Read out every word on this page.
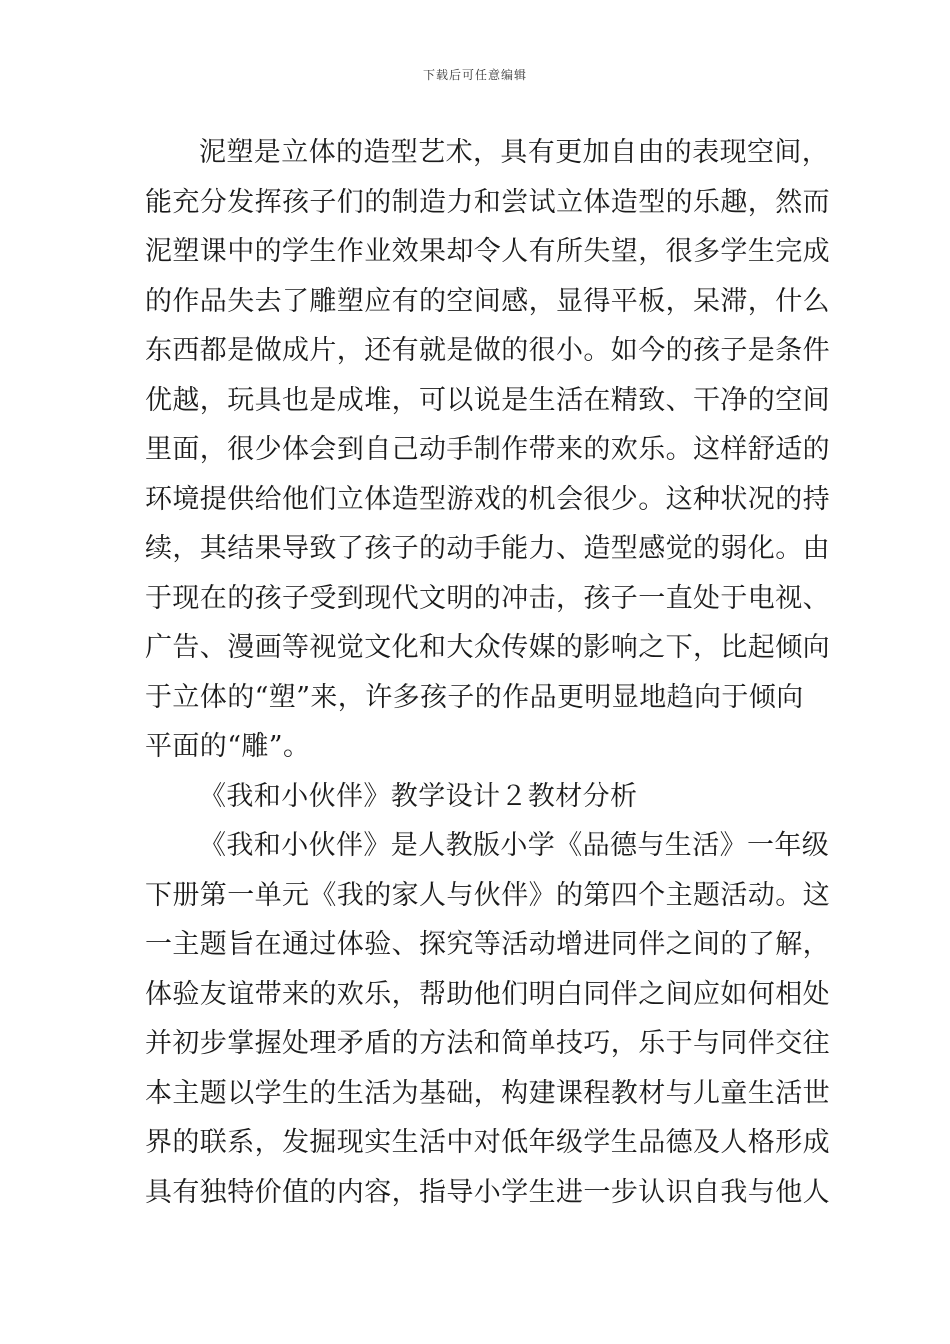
下载后可任意编辑
泥塑是立体的造型艺术，具有更加自由的表现空间，
能充分发挥孩子们的制造力和尝试立体造型的乐趣，然而
泥塑课中的学生作业效果却令人有所失望，很多学生完成
的作品失去了雕塑应有的空间感，显得平板，呆滞，什么
东西都是做成片，还有就是做的很小。如今的孩子是条件
优越，玩具也是成堆，可以说是生活在精致、干净的空间
里面，很少体会到自己动手制作带来的欢乐。这样舒适的
环境提供给他们立体造型游戏的机会很少。这种状况的持
续，其结果导致了孩子的动手能力、造型感觉的弱化。由
于现在的孩子受到现代文明的冲击，孩子一直处于电视、
广告、漫画等视觉文化和大众传媒的影响之下，比起倾向
于立体的“塑”来，许多孩子的作品更明显地趋向于倾向
平面的“雕”。
《我和小伙伴》教学设计２教材分析
《我和小伙伴》是人教版小学《品德与生活》一年级
下册第一单元《我的家人与伙伴》的第四个主题活动。这
一主题旨在通过体验、探究等活动增进同伴之间的了解，
体验友谊带来的欢乐，帮助他们明白同伴之间应如何相处
并初步掌握处理矛盾的方法和简单技巧，乐于与同伴交往
本主题以学生的生活为基础，构建课程教材与儿童生活世
界的联系，发掘现实生活中对低年级学生品德及人格形成
具有独特价值的内容，指导小学生进一步认识自我与他人
